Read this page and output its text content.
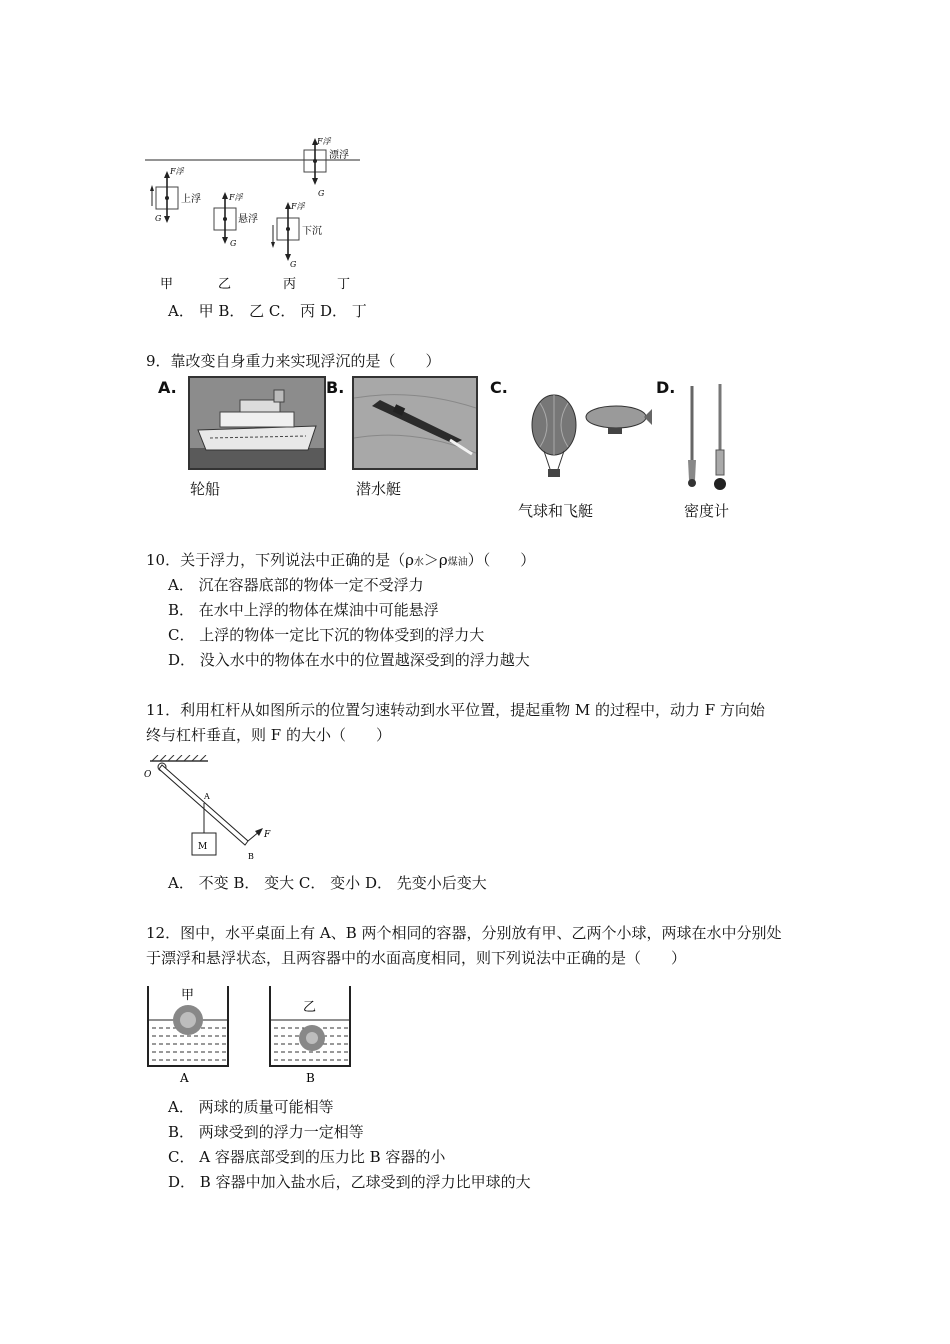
F浮
G
上浮	F浮
G
悬浮
F浮
G
下沉
F浮
G
漂浮
甲	乙	丙	丁
A． 甲 B． 乙 C． 丙 D． 丁
9．靠改变自身重力来实现浮沉的是（　　）
A.
轮船
B.
潜水艇
C.
气球和飞艇
D.
密度计
10．关于浮力，下列说法中正确的是（ρ水＞ρ煤油）（　　）
A． 沉在容器底部的物体一定不受浮力
B． 在水中上浮的物体在煤油中可能悬浮
C． 上浮的物体一定比下沉的物体受到的浮力大
D． 没入水中的物体在水中的位置越深受到的浮力越大
11．利用杠杆从如图所示的位置匀速转动到水平位置，提起重物 M 的过程中，动力 F 方向始
终与杠杆垂直，则 F 的大小（　　）
M
F
O
A
B
A． 不变 B． 变大 C． 变小 D． 先变小后变大
12．图中，水平桌面上有 A、B 两个相同的容器，分别放有甲、乙两个小球，两球在水中分别处
于漂浮和悬浮状态，且两容器中的水面高度相同，则下列说法中正确的是（　　）
甲
A
乙
B
A． 两球的质量可能相等
B． 两球受到的浮力一定相等
C． A 容器底部受到的压力比 B 容器的小
D． B 容器中加入盐水后，乙球受到的浮力比甲球的大
